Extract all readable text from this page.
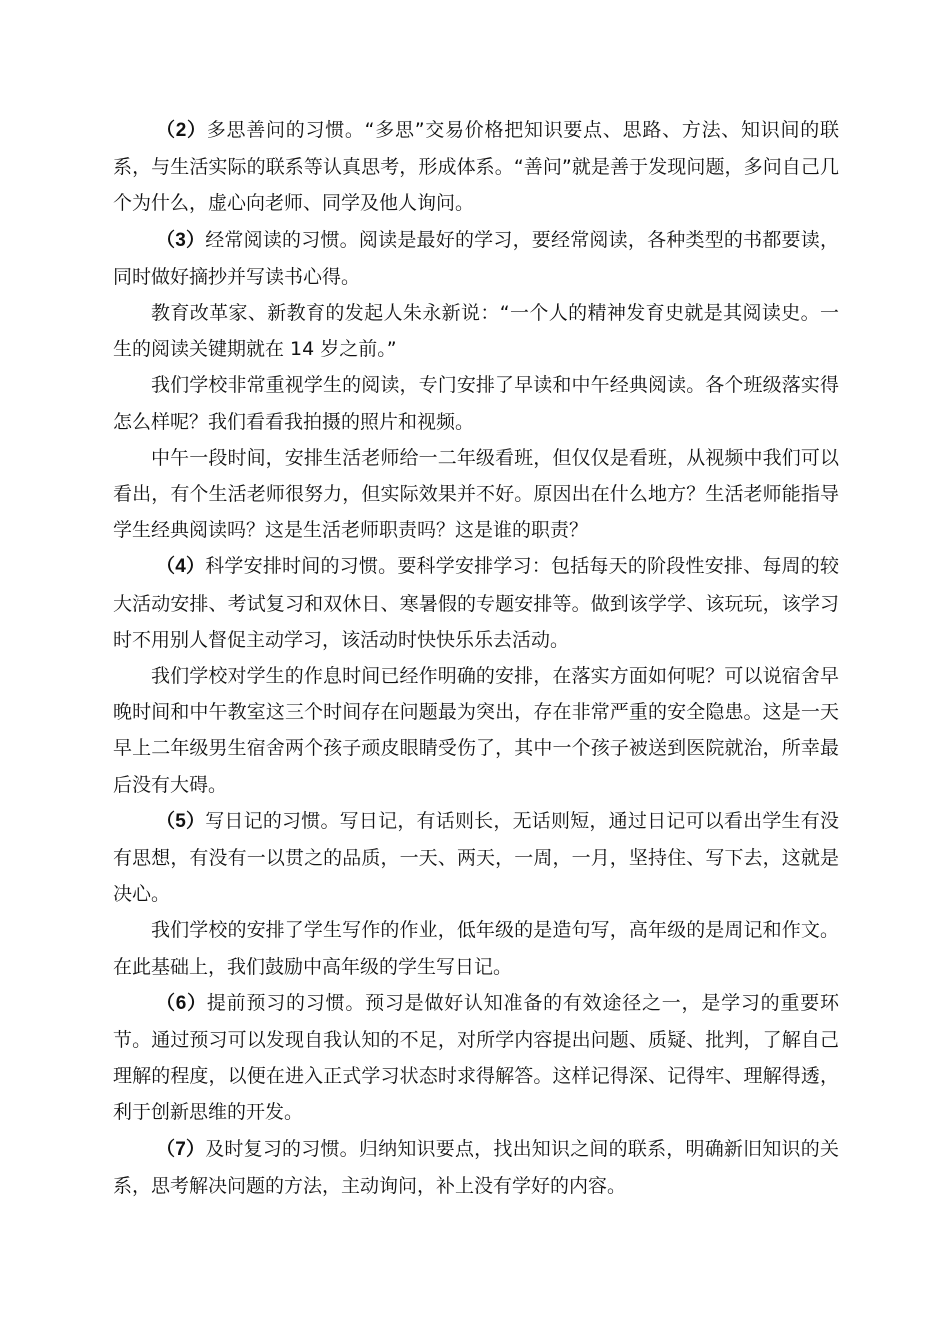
（2）多思善问的习惯。“多思”交易价格把知识要点、思路、方法、知识间的联系，与生活实际的联系等认真思考，形成体系。“善问”就是善于发现问题，多问自己几个为什么，虚心向老师、同学及他人询问。

（3）经常阅读的习惯。阅读是最好的学习，要经常阅读，各种类型的书都要读，同时做好摘抄并写读书心得。

教育改革家、新教育的发起人朱永新说：“一个人的精神发育史就是其阅读史。一生的阅读关键期就在 14 岁之前。”

我们学校非常重视学生的阅读，专门安排了早读和中午经典阅读。各个班级落实得怎么样呢？我们看看我拍摄的照片和视频。

中午一段时间，安排生活老师给一二年级看班，但仅仅是看班，从视频中我们可以看出，有个生活老师很努力，但实际效果并不好。原因出在什么地方？生活老师能指导学生经典阅读吗？这是生活老师职责吗？这是谁的职责？

（4）科学安排时间的习惯。要科学安排学习：包括每天的阶段性安排、每周的较大活动安排、考试复习和双休日、寒暑假的专题安排等。做到该学学、该玩玩，该学习时不用别人督促主动学习，该活动时快快乐乐去活动。

我们学校对学生的作息时间已经作明确的安排，在落实方面如何呢？可以说宿舍早晚时间和中午教室这三个时间存在问题最为突出，存在非常严重的安全隐患。这是一天早上二年级男生宿舍两个孩子顽皮眼睛受伤了，其中一个孩子被送到医院就治，所幸最后没有大碍。

（5）写日记的习惯。写日记，有话则长，无话则短，通过日记可以看出学生有没有思想，有没有一以贯之的品质，一天、两天，一周，一月，坚持住、写下去，这就是决心。

我们学校的安排了学生写作的作业，低年级的是造句写，高年级的是周记和作文。在此基础上，我们鼓励中高年级的学生写日记。

（6）提前预习的习惯。预习是做好认知准备的有效途径之一，是学习的重要环节。通过预习可以发现自我认知的不足，对所学内容提出问题、质疑、批判，了解自己理解的程度，以便在进入正式学习状态时求得解答。这样记得深、记得牢、理解得透，利于创新思维的开发。

（7）及时复习的习惯。归纳知识要点，找出知识之间的联系，明确新旧知识的关系，思考解决问题的方法，主动询问，补上没有学好的内容。
